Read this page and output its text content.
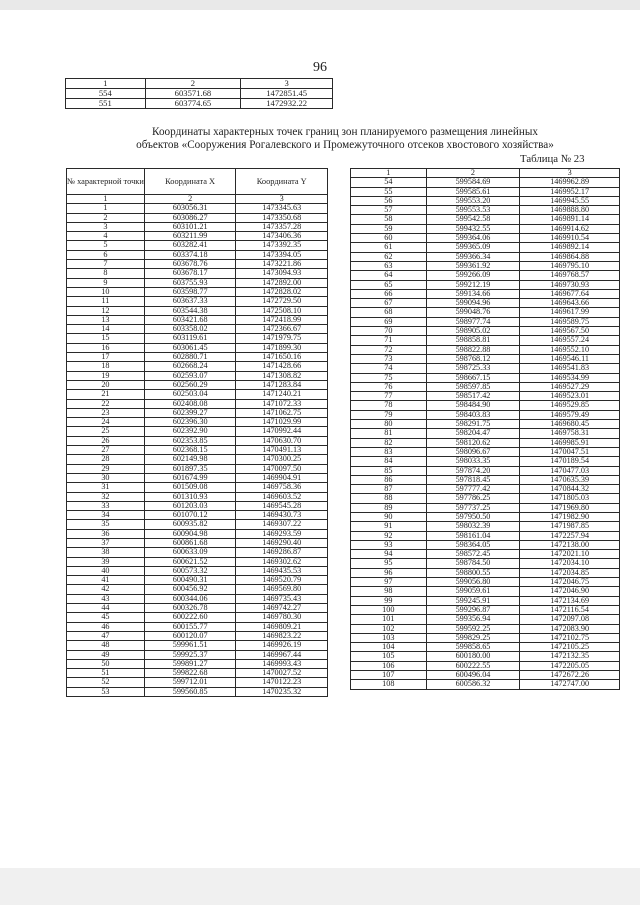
96
1	2	3
554	603571.68	1472851.45
551	603774.65	1472932.22
Координаты характерных точек границ зон планируемого размещения линейных
объектов «Сооружения Рогалевского и Промежуточного отсеков хвостового хозяйства»
Таблица № 23
№ характерной точки	Координата X	Координата Y
1	2	3
1	603056.31	1473345.63
2	603086.27	1473350.68
3	603101.21	1473357.28
4	603211.99	1473406.36
5	603282.41	1473392.35
6	603374.18	1473394.05
7	603678.76	1473221.86
8	603678.17	1473094.93
9	603755.93	1472892.00
10	603598.77	1472828.02
11	603637.33	1472729.50
12	603544.38	1472508.10
13	603421.68	1472418.99
14	603358.02	1472366.67
15	603119.61	1471979.75
16	603061.45	1471899.30
17	602880.71	1471650.16
18	602668.24	1471428.66
19	602593.07	1471308.82
20	602560.29	1471283.84
21	602503.04	1471240.21
22	602408.08	1471072.33
23	602399.27	1471062.75
24	602396.30	1471029.99
25	602392.90	1470992.44
26	602353.85	1470630.70
27	602368.15	1470491.13
28	602149.98	1470300.25
29	601897.35	1470097.50
30	601674.99	1469904.91
31	601509.08	1469758.36
32	601310.93	1469603.52
33	601203.03	1469545.28
34	601070.12	1469430.73
35	600935.82	1469307.22
36	600904.98	1469293.59
37	600861.68	1469290.40
38	600633.09	1469286.87
39	600621.52	1469302.62
40	600573.32	1469435.53
41	600490.31	1469520.79
42	600456.92	1469569.80
43	600344.06	1469735.43
44	600326.78	1469742.27
45	600222.60	1469780.30
46	600155.77	1469809.21
47	600120.07	1469823.22
48	599961.51	1469926.19
49	599925.37	1469967.44
50	599891.27	1469993.43
51	599822.68	1470027.52
52	599712.01	1470122.23
53	599560.85	1470235.32
1	2	3
54	599584.69	1469962.89
55	599585.61	1469952.17
56	599553.20	1469945.55
57	599553.53	1469888.80
58	599542.58	1469891.14
59	599432.55	1469914.62
60	599364.06	1469910.54
61	599365.09	1469892.14
62	599366.34	1469864.88
63	599361.92	1469795.10
64	599266.09	1469768.57
65	599212.19	1469730.93
66	599134.66	1469677.64
67	599094.96	1469643.66
68	599048.76	1469617.99
69	598977.74	1469589.75
70	598905.02	1469567.50
71	598858.81	1469557.24
72	598822.88	1469552.10
73	598768.12	1469546.11
74	598725.33	1469541.83
75	598667.15	1469534.99
76	598597.85	1469527.29
77	598517.42	1469523.01
78	598484.90	1469529.85
79	598403.83	1469579.49
80	598291.75	1469680.45
81	598204.47	1469758.31
82	598120.62	1469985.91
83	598096.67	1470047.51
84	598033.35	1470189.54
85	597874.20	1470477.03
86	597818.45	1470635.39
87	597777.42	1470844.32
88	597786.25	1471805.03
89	597737.25	1471969.80
90	597950.50	1471982.90
91	598032.39	1471987.85
92	598161.04	1472257.94
93	598364.05	1472138.00
94	598572.45	1472021.10
95	598784.50	1472034.10
96	598800.55	1472034.85
97	599056.80	1472046.75
98	599059.61	1472046.90
99	599245.91	1472134.69
100	599296.87	1472116.54
101	599356.94	1472097.08
102	599592.25	1472083.90
103	599829.25	1472102.75
104	599858.65	1472105.25
105	600180.00	1472132.35
106	600222.55	1472205.05
107	600496.04	1472672.26
108	600586.32	1472747.00
